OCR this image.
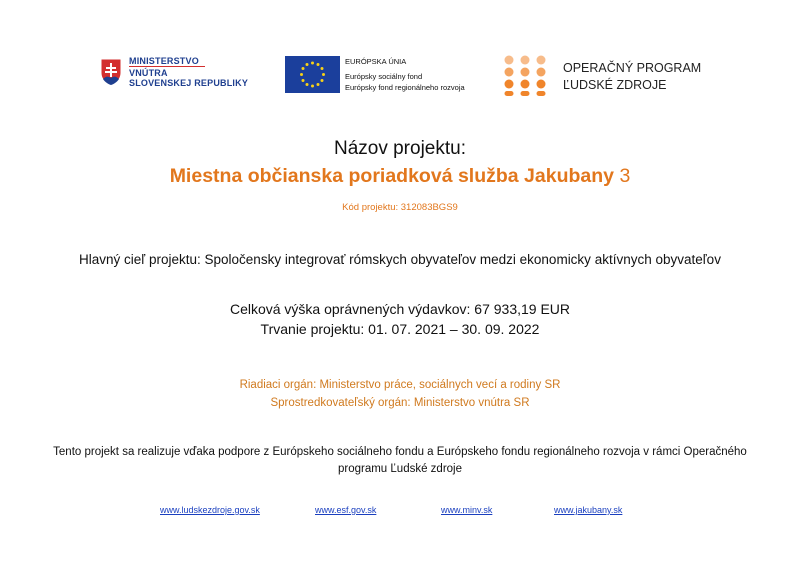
MINISTERSTVO
VNÚTRA
SLOVENSKEJ REPUBLIKY
EURÓPSKA ÚNIA
Európsky sociálny fond
Európsky fond regionálneho rozvoja
OPERAČNÝ PROGRAM
ĽUDSKÉ ZDROJE
Názov projektu:
Miestna občianska poriadková služba Jakubany 3
Kód projektu: 312083BGS9
Hlavný cieľ projektu: Spoločensky integrovať rómskych obyvateľov medzi ekonomicky aktívnych obyvateľov
Celková výška oprávnených výdavkov: 67 933,19 EUR
Trvanie projektu: 01. 07. 2021 – 30. 09. 2022
Riadiaci orgán: Ministerstvo práce, sociálnych vecí a rodiny SR
Sprostredkovateľský orgán: Ministerstvo vnútra SR
Tento projekt sa realizuje vďaka podpore z Európskeho sociálneho fondu a Európskeho fondu regionálneho rozvoja v rámci Operačného
programu Ľudské zdroje
www.ludskezdroje.gov.sk	www.esf.gov.sk	www.minv.sk	www.jakubany.sk
